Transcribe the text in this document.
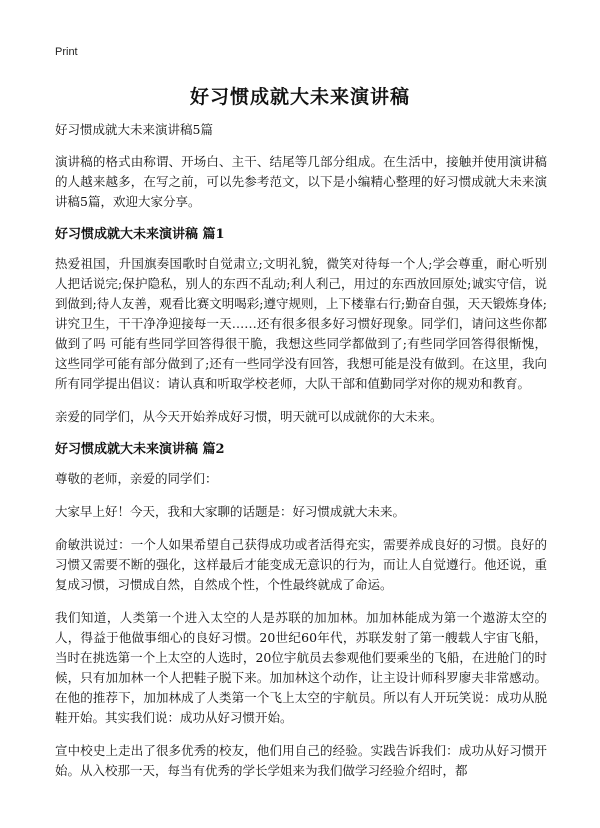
Print
好习惯成就大未来演讲稿

好习惯成就大未来演讲稿5篇

演讲稿的格式由称谓、开场白、主干、结尾等几部分组成。在生活中，接触并使用演讲稿的人越来越多，在写之前，可以先参考范文，以下是小编精心整理的好习惯成就大未来演讲稿5篇，欢迎大家分享。

好习惯成就大未来演讲稿 篇1

热爱祖国，升国旗奏国歌时自觉肃立;文明礼貌，微笑对待每一个人;学会尊重，耐心听别人把话说完;保护隐私，别人的东西不乱动;利人利己，用过的东西放回原处;诚实守信，说到做到;待人友善，观看比赛文明喝彩;遵守规则，上下楼靠右行;勤奋自强，天天锻炼身体;讲究卫生，干干净净迎接每一天……还有很多很多好习惯好现象。同学们，请问这些你都做到了吗 可能有些同学回答得很干脆，我想这些同学都做到了;有些同学回答得很惭愧，这些同学可能有部分做到了;还有一些同学没有回答，我想可能是没有做到。在这里，我向所有同学提出倡议：请认真和听取学校老师，大队干部和值勤同学对你的规劝和教育。

亲爱的同学们，从今天开始养成好习惯，明天就可以成就你的大未来。

好习惯成就大未来演讲稿 篇2

尊敬的老师，亲爱的同学们：

大家早上好！今天，我和大家聊的话题是：好习惯成就大未来。

俞敏洪说过：一个人如果希望自己获得成功或者活得充实，需要养成良好的习惯。良好的习惯又需要不断的强化，这样最后才能变成无意识的行为，而让人自觉遵行。他还说，重复成习惯，习惯成自然，自然成个性，个性最终就成了命运。

我们知道，人类第一个进入太空的人是苏联的加加林。加加林能成为第一个遨游太空的人，得益于他做事细心的良好习惯。20世纪60年代，苏联发射了第一艘载人宇宙飞船，当时在挑选第一个上太空的人选时，20位宇航员去参观他们要乘坐的飞船，在进舱门的时候，只有加加林一个人把鞋子脱下来。加加林这个动作，让主设计师科罗廖夫非常感动。在他的推荐下，加加林成了人类第一个飞上太空的宇航员。所以有人开玩笑说：成功从脱鞋开始。其实我们说：成功从好习惯开始。

宣中校史上走出了很多优秀的校友，他们用自己的经验。实践告诉我们：成功从好习惯开始。从入校那一天，每当有优秀的学长学姐来为我们做学习经验介绍时，都
